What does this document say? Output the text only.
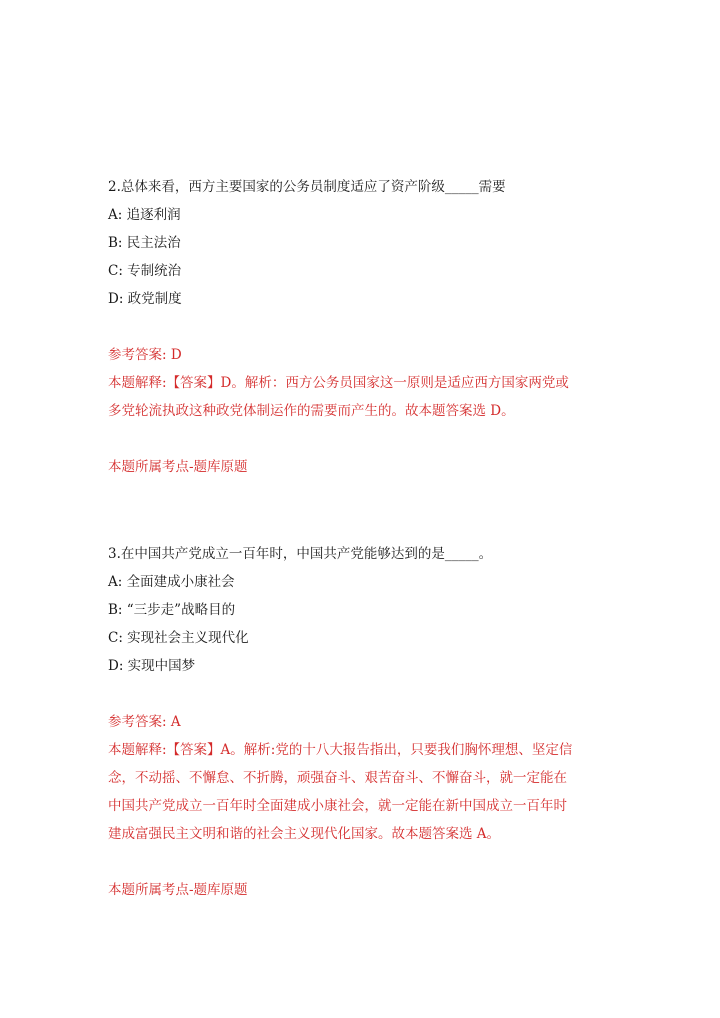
2.总体来看，西方主要国家的公务员制度适应了资产阶级_____需要
A: 追逐利润
B: 民主法治
C: 专制统治
D: 政党制度
参考答案: D
本题解释:【答案】D。解析：西方公务员国家这一原则是适应西方国家两党或
多党轮流执政这种政党体制运作的需要而产生的。故本题答案选 D。
本题所属考点-题库原题
3.在中国共产党成立一百年时，中国共产党能够达到的是_____。
A: 全面建成小康社会
B: “三步走”战略目的
C: 实现社会主义现代化
D: 实现中国梦
参考答案: A
本题解释:【答案】A。解析:党的十八大报告指出，只要我们胸怀理想、坚定信
念，不动摇、不懈怠、不折腾，顽强奋斗、艰苦奋斗、不懈奋斗，就一定能在
中国共产党成立一百年时全面建成小康社会，就一定能在新中国成立一百年时
建成富强民主文明和谐的社会主义现代化国家。故本题答案选 A。
本题所属考点-题库原题
